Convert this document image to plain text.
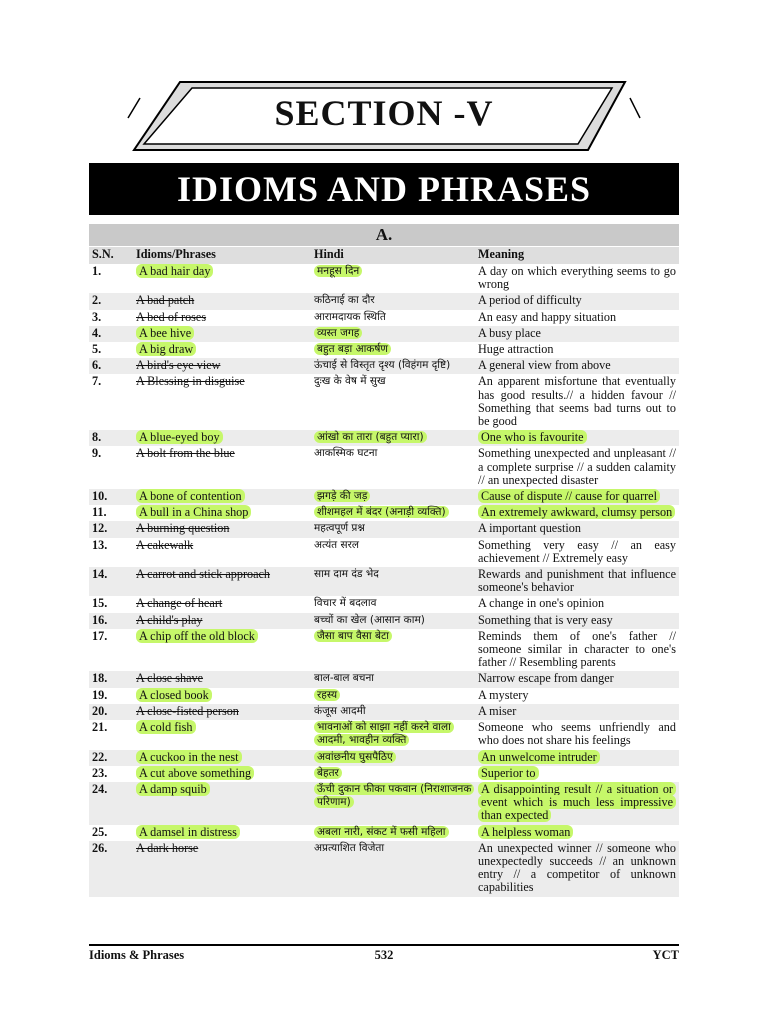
SECTION -V
IDIOMS AND PHRASES
A.
S.N.	Idioms/Phrases	Hindi	Meaning
1.	A bad hair day	मनहूस दिन	A day on which everything seems to go wrong
2.	A bad patch	कठिनाई का दौर	A period of difficulty
3.	A bed of roses	आरामदायक स्थिति	An easy and happy situation
4.	A bee hive	व्यस्त जगह	A busy place
5.	A big draw	बहुत बड़ा आकर्षण	Huge attraction
6.	A bird's eye view	ऊंचाई से विस्तृत दृश्य (विहंगम दृष्टि)	A general view from above
7.	A Blessing in disguise	दुःख के वेष में सुख	An apparent misfortune that eventually has good results.// a hidden favour // Something that seems bad turns out to be good
8.	A blue-eyed boy	आंखो का तारा (बहुत प्यारा)	One who is favourite
9.	A bolt from the blue	आकस्मिक घटना	Something unexpected and unpleasant // a complete surprise // a sudden calamity // an unexpected disaster
10.	A bone of contention	झगड़े की जड़	Cause of dispute // cause for quarrel
11.	A bull in a China shop	शीशमहल में बंदर (अनाड़ी व्यक्ति)	An extremely awkward, clumsy person
12.	A burning question	महत्वपूर्ण प्रश्न	A important question
13.	A cakewalk	अत्यंत सरल	Something very easy // an easy achievement // Extremely easy
14.	A carrot and stick approach	साम दाम दंड भेद	Rewards and punishment that influence someone's behavior
15.	A change of heart	विचार में बदलाव	A change in one's opinion
16.	A child's play	बच्चों का खेल (आसान काम)	Something that is very easy
17.	A chip off the old block	जैसा बाप वैसा बेटा	Reminds them of one's father // someone similar in character to one's father // Resembling parents
18.	A close shave	बाल-बाल बचना	Narrow escape from danger
19.	A closed book	रहस्य	A mystery
20.	A close-fisted person	कंजूस आदमी	A miser
21.	A cold fish	भावनाओं को साझा नहीं करने वाला आदमी, भावहीन व्यक्ति	Someone who seems unfriendly and who does not share his feelings
22.	A cuckoo in the nest	अवांछनीय घुसपैठिए	An unwelcome intruder
23.	A cut above something	बेहतर	Superior to
24.	A damp squib	ऊँची दुकान फीका पकवान (निराशाजनक परिणाम)	A disappointing result // a situation or event which is much less impressive than expected
25.	A damsel in distress	अबला नारी, संकट में फसी महिला	A helpless woman
26.	A dark horse	अप्रत्याशित विजेता	An unexpected winner // someone who unexpectedly succeeds // an unknown entry // a competitor of unknown capabilities
Idioms & Phrases	532	YCT
